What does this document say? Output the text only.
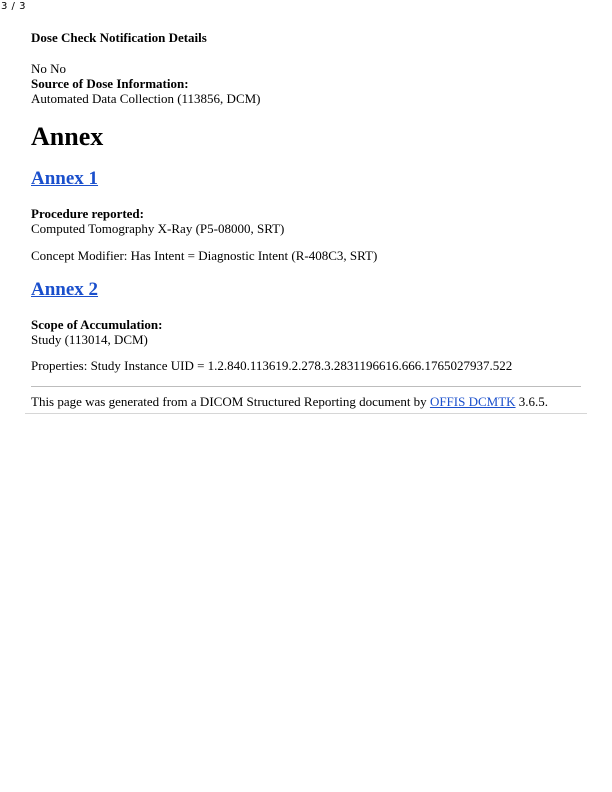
3 / 3
Dose Check Notification Details
No No
Source of Dose Information:
Automated Data Collection (113856, DCM)
Annex
Annex 1
Procedure reported:
Computed Tomography X-Ray (P5-08000, SRT)
Concept Modifier: Has Intent = Diagnostic Intent (R-408C3, SRT)
Annex 2
Scope of Accumulation:
Study (113014, DCM)
Properties: Study Instance UID = 1.2.840.113619.2.278.3.2831196616.666.1765027937.522
This page was generated from a DICOM Structured Reporting document by OFFIS DCMTK 3.6.5.
